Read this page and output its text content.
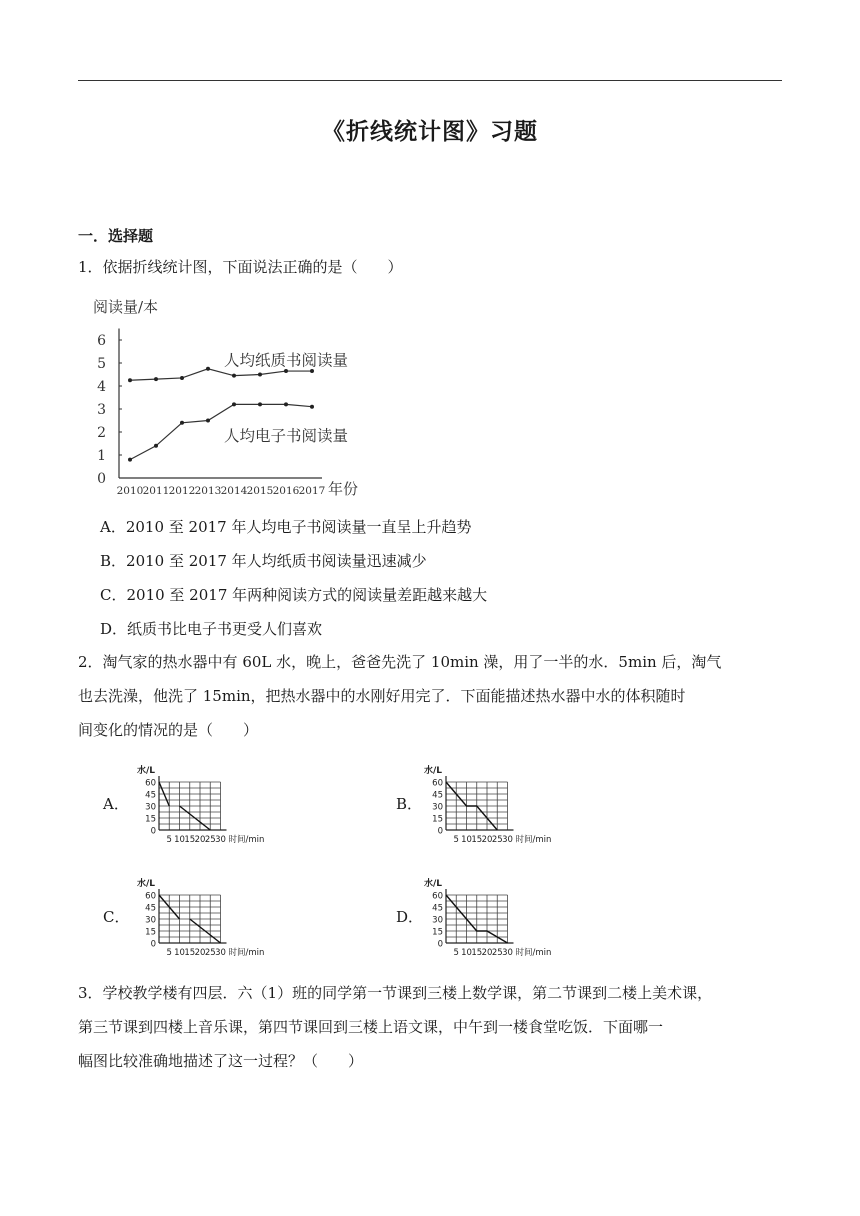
《折线统计图》习题
一．选择题
1．依据折线统计图，下面说法正确的是（　　）
阅读量/本
0
1
2
3
4
5
6
2010 2011 2012 2013 2014 2015 2016 2017 年份
人均纸质书阅读量
人均电子书阅读量
A．2010 至 2017 年人均电子书阅读量一直呈上升趋势
B．2010 至 2017 年人均纸质书阅读量迅速减少
C．2010 至 2017 年两种阅读方式的阅读量差距越来越大
D．纸质书比电子书更受人们喜欢
2．淘气家的热水器中有 60L 水，晚上，爸爸先洗了 10min 澡，用了一半的水．5min 后，淘气
也去洗澡，他洗了 15min，把热水器中的水刚好用完了．下面能描述热水器中水的体积随时
间变化的情况的是（　　）
A．
水/L
0
15
30
45
60
5 10 15 20 25 30 时间/min
B．
水/L
0
15
30
45
60
5 10 15 20 25 30 时间/min
C．
水/L
0
15
30
45
60
5 10 15 20 25 30 时间/min
D．
水/L
0
15
30
45
60
5 10 15 20 25 30 时间/min
3．学校教学楼有四层．六（1）班的同学第一节课到三楼上数学课，第二节课到二楼上美术课，
第三节课到四楼上音乐课，第四节课回到三楼上语文课，中午到一楼食堂吃饭．下面哪一
幅图比较准确地描述了这一过程？（　　）
